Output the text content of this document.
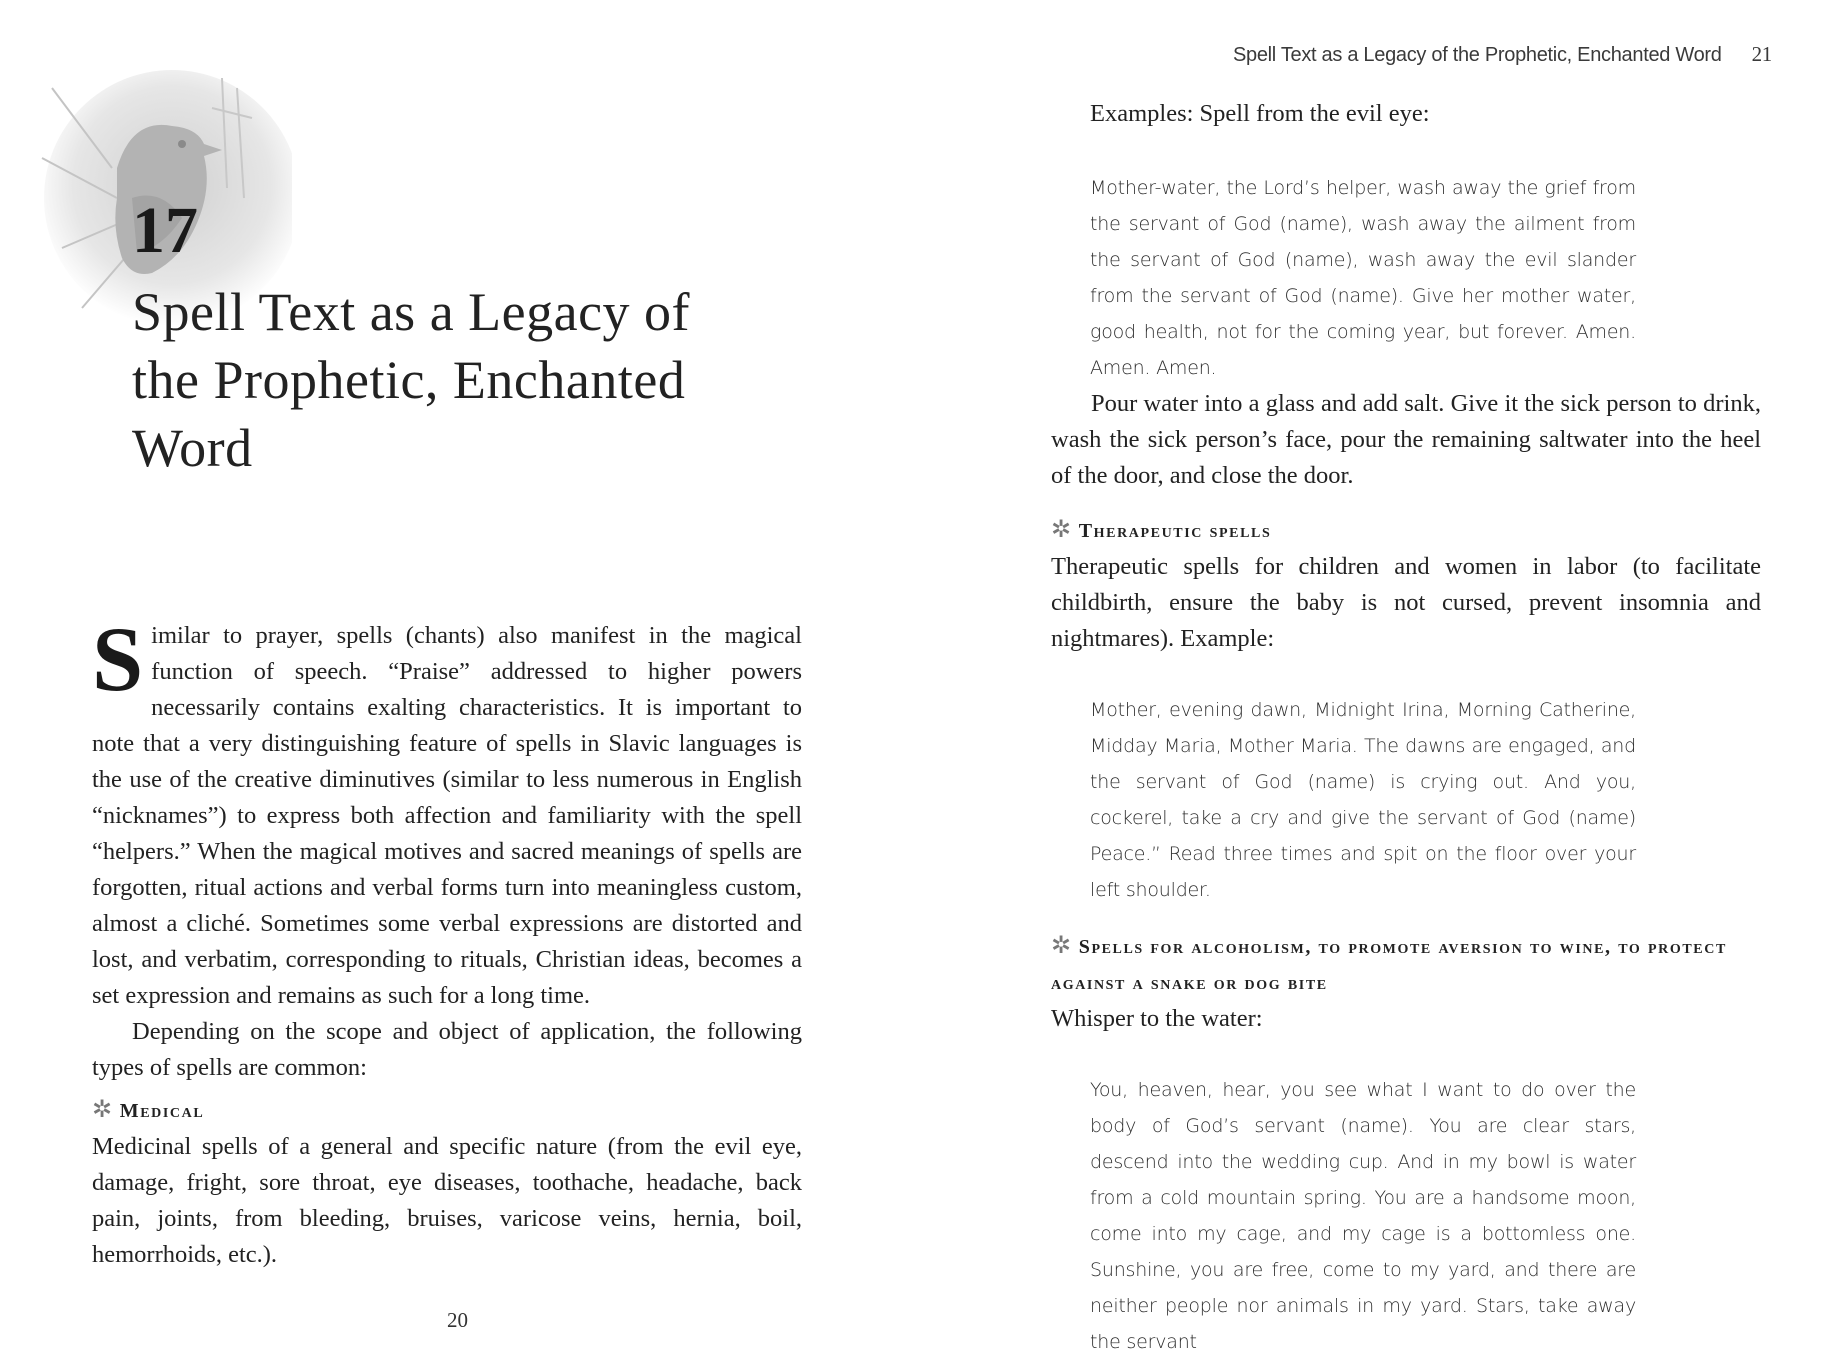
17
Spell Text as a Legacy of the Prophetic, Enchanted Word

Similar to prayer, spells (chants) also manifest in the magical function of speech. “Praise” addressed to higher powers necessarily contains exalting characteristics. It is important to note that a very distinguishing feature of spells in Slavic languages is the use of the creative diminutives (similar to less numerous in English “nicknames”) to express both affection and familiarity with the spell “helpers.” When the magical motives and sacred meanings of spells are forgotten, ritual actions and verbal forms turn into meaningless custom, almost a cliché. Sometimes some verbal expressions are distorted and lost, and verbatim, corresponding to rituals, Christian ideas, becomes a set expression and remains as such for a long time.

Depending on the scope and object of application, the following types of spells are common:

✲ Medical

Medicinal spells of a general and specific nature (from the evil eye, damage, fright, sore throat, eye diseases, toothache, headache, back pain, joints, from bleeding, bruises, varicose veins, hernia, boil, hemorrhoids, etc.).

20
Spell Text as a Legacy of the Prophetic, Enchanted Word 21

Examples: Spell from the evil eye:

Mother-water, the Lord’s helper, wash away the grief from the servant of God (name), wash away the ailment from the servant of God (name), wash away the evil slander from the servant of God (name). Give her mother water, good health, not for the coming year, but forever. Amen. Amen. Amen.

Pour water into a glass and add salt. Give it the sick person to drink, wash the sick person’s face, pour the remaining saltwater into the heel of the door, and close the door.

✲ Therapeutic spells

Therapeutic spells for children and women in labor (to facilitate childbirth, ensure the baby is not cursed, prevent insomnia and nightmares). Example:

Mother, evening dawn, Midnight Irina, Morning Catherine, Midday Maria, Mother Maria. The dawns are engaged, and the servant of God (name) is crying out. And you, cockerel, take a cry and give the servant of God (name) Peace.” Read three times and spit on the floor over your left shoulder.

✲ Spells for alcoholism, to promote aversion to wine, to protect against a snake or dog bite

Whisper to the water:

You, heaven, hear, you see what I want to do over the body of God’s servant (name). You are clear stars, descend into the wedding cup. And in my bowl is water from a cold mountain spring. You are a handsome moon, come into my cage, and my cage is a bottomless one. Sunshine, you are free, come to my yard, and there are neither people nor animals in my yard. Stars, take away the servant
